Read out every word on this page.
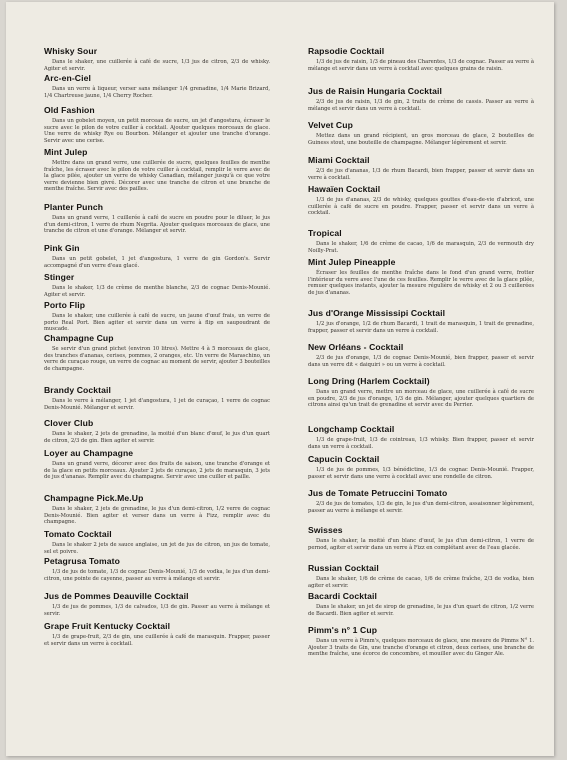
Whisky Sour
Dans le shaker, une cuillerée à café de sucre, 1/3 jus de citron, 2/3 de whisky. Agiter et servir.
Arc-en-Ciel
Dans un verre à liqueur, verser sans mélanger 1/4 grenadine, 1/4 Marie Brizard, 1/4 Chartreuse jaune, 1/4 Cherry Rocher.
Old Fashion
Dans un gobelet moyen, un petit morceau de sucre, un jet d'angostura, écraser le sucre avec le pilon de votre cuiller à cocktail. Ajouter quelques morceaux de glace. Une verre de whisky Rye ou Bourbon. Mélanger et ajouter une tranche d'orange. Servir avec une cerise.
Mint Julep
Mettre dans un grand verre, une cuillerée de sucre, quelques feuilles de menthe fraîche, les écraser avec le pilon de votre cuiller à cocktail, remplir le verre avec de la glace pilée, ajouter un verre de whisky Canadian, mélanger jusqu'à ce que votre verre devienne bien givré. Décorer avec une tranche de citron et une branche de menthe fraîche. Servir avec des pailles.
Planter Punch
Dans un grand verre, 1 cuillerée à café de sucre en poudre pour le diluer, le jus d'un demi-citron, 1 verre de rhum Negrita. Ajouter quelques morceaux de glace, une tranche de citron et une d'orange. Mélanger et servir.
Pink Gin
Dans un petit gobelet, 1 jet d'angostura, 1 verre de gin Gordon's. Servir accompagné d'un verre d'eau glacé.
Stinger
Dans le shaker, 1/3 de crème de menthe blanche, 2/3 de cognac Denis-Mounié. Agiter et servir.
Porto Flip
Dans le shaker, une cuillerée à café de sucre, un jaune d'œuf frais, un verre de porto Real Port. Bien agiter et servir dans un verre à flip en saupoudrant de muscade.
Champagne Cup
Se servir d'un grand pichet (environ 10 litres). Mettre 4 à 5 morceaux de glace, des tranches d'ananas, cerises, pommes, 2 oranges, etc. Un verre de Maraschino, un verre de curaçao rouge, un verre de cognac au moment de servir, ajouter 3 bouteilles de champagne.
Brandy Cocktail
Dans le verre à mélanger, 1 jet d'angostura, 1 jet de curaçao, 1 verre de cognac Denis-Mounié. Mélanger et servir.
Clover Club
Dans le shaker, 2 jets de grenadine, la moitié d'un blanc d'œuf, le jus d'un quart de citron, 2/3 de gin. Bien agiter et servir.
Loyer au Champagne
Dans un grand verre, décorer avec des fruits de saison, une tranche d'orange et de la glace en petits morceaux. Ajouter 2 jets de curaçao, 2 jets de marasquin, 3 jets de jus d'ananas. Remplir avec du champagne. Servir avec une cuiller et paille.
Champagne Pick.Me.Up
Dans le shaker, 2 jets de grenadine, le jus d'un demi-citron, 1/2 verre de cognac Denis-Mounié. Bien agiter et verser dans un verre à Fizz, remplir avec du champagne.
Tomato Cocktail
Dans le shaker 2 jets de sauce anglaise, un jet de jus de citron, un jus de tomate, sel et poivre.
Petagrusa Tomato
1/3 de jus de tomate, 1/3 de cognac Denis-Mounié, 1/3 de vodka, le jus d'un demi-citron, une pointe de cayenne, passer au verre à mélange et servir.
Jus de Pommes Deauville Cocktail
1/3 de jus de pommes, 1/3 de calvados, 1/3 de gin. Passer au verre à mélange et servir.
Grape Fruit Kentucky Cocktail
1/3 de grape-fruit, 2/3 de gin, une cuillerée à café de marasquin. Frapper, passer et servir dans un verre à cocktail.
Rapsodie Cocktail
1/3 de jus de raisin, 1/3 de pineau des Charentes, 1/3 de cognac. Passer au verre à mélange et servir dans un verre à cocktail avec quelques grains de raisin.
Jus de Raisin Hungaria Cocktail
2/3 de jus de raisin, 1/3 de gin, 2 traits de crème de cassis. Passer au verre à mélange et servir dans un verre à cocktail.
Velvet Cup
Mettez dans un grand récipient, un gros morceau de glace, 2 bouteilles de Guiness stout, une bouteille de champagne. Mélanger légèrement et servir.
Miami Cocktail
2/3 de jus d'ananas, 1/3 de rhum Bacardi, bien frapper, passer et servir dans un verre à cocktail.
Hawaïen Cocktail
1/3 de jus d'ananas, 2/3 de whisky, quelques gouttes d'eau-de-vie d'abricot, une cuillerée à café de sucre en poudre. Frapper, passer et servir dans un verre à cocktail.
Tropical
Dans le shaker, 1/6 de crème de cacao, 1/6 de marasquin, 2/3 de vermouth dry Noilly-Prat.
Mint Julep Pineapple
Écraser les feuilles de menthe fraîche dans le fond d'un grand verre, frotter l'intérieur du verre avec l'une de ces feuilles. Remplir le verre avec de la glace pilée, remuer quelques instants, ajouter la mesure régulière de whisky et 2 ou 3 cuillerées de jus d'ananas.
Jus d'Orange Mississipi Cocktail
1/2 jus d'orange, 1/2 de rhum Bacardi, 1 trait de marasquin, 1 trait de grenadine, frapper, passer et servir dans un verre à cocktail.
New Orléans - Cocktail
2/3 de jus d'orange, 1/3 de cognac Denis-Mounié, bien frapper, passer et servir dans un verre dit « daiquiri » ou un verre à cocktail.
Long Dring (Harlem Cocktail)
Dans un grand verre, mettre un morceau de glace, une cuillerée à café de sucre en poudre, 2/3 de jus d'orange, 1/3 de gin. Mélanger, ajouter quelques quartiers de citrons ainsi qu'un trait de grenadine et servir avec du Perrier.
Longchamp Cocktail
1/3 de grape-fruit, 1/3 de cointreau, 1/3 whisky. Bien frapper, passer et servir dans un verre à cocktail.
Capucin Cocktail
1/3 de jus de pommes, 1/3 bénédictine, 1/3 de cognac Denis-Mounié. Frapper, passer et servir dans une verre à cocktail avec une rondelle de citron.
Jus de Tomate Petruccini Tomato
2/3 de jus de tomates, 1/3 de gin, le jus d'un demi-citron, assaisonner légèrement, passer au verre à mélange et servir.
Swisses
Dans le shaker, la moitié d'un blanc d'œuf, le jus d'un demi-citron, 1 verre de pernod, agiter et servir dans un verre à Fizz en complétant avec de l'eau glacée.
Russian Cocktail
Dans le shaker, 1/6 de crème de cacao, 1/6 de crème fraîche, 2/3 de vodka, bien agiter et servir.
Bacardi Cocktail
Dans le shaker, un jet de sirop de grenadine, le jus d'un quart de citron, 1/2 verre de Bacardi. Bien agiter et servir.
Pimm's n° 1 Cup
Dans un verre à Pimm's, quelques morceaux de glace, une mesure de Pimms N° 1. Ajouter 3 traits de Gin, une tranche d'orange et citron, deux cerises, une branche de menthe fraîche, une écorce de concombre, et mouiller avec du Ginger Ale.
